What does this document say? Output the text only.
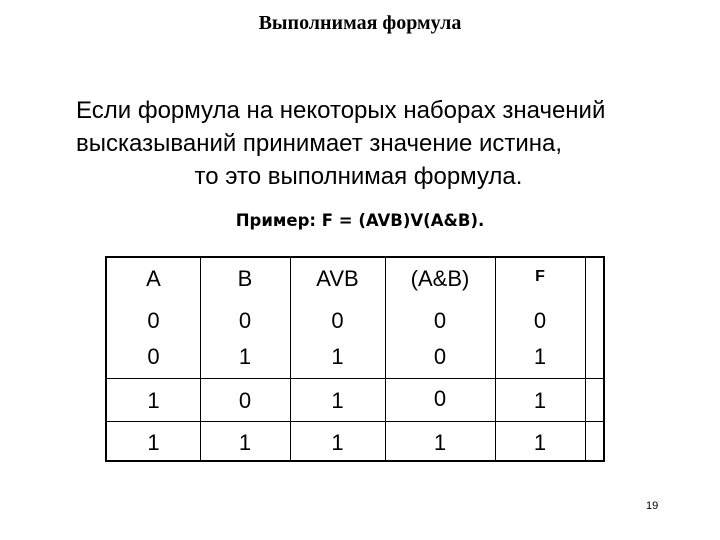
Выполнимая формула
Если формула на некоторых наборах значений
высказываний принимает значение истина,

то это выполнимая формула.
Пример: F = (AVB)V(A&B).
A	B	AVB	(A&B)	F
0	0	0	0	0
0	1	1	0	1
1	0	1	0	1
1	1	1	1	1
19
